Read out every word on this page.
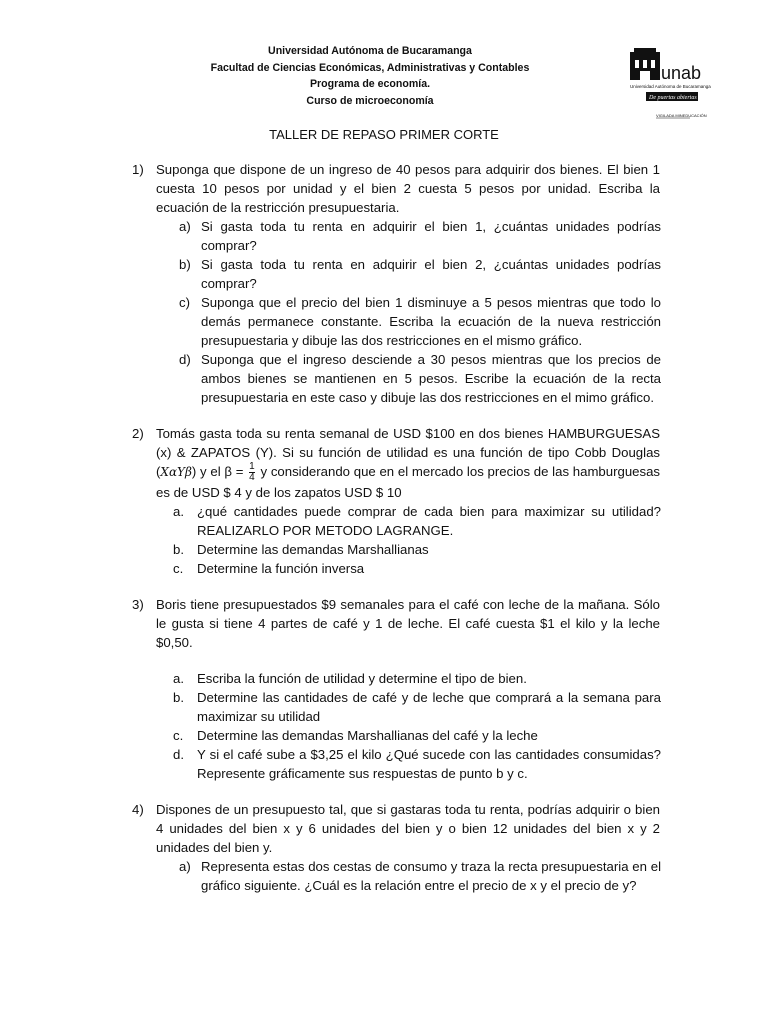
Universidad Autónoma de Bucaramanga
Facultad de Ciencias Económicas, Administrativas y Contables
Programa de economía.
Curso de microeconomía
unab
Universidad Autónoma de Bucaramanga
De puertas abiertas
VIGILADA MINEDUCACIÓN
TALLER DE REPASO PRIMER CORTE
1) Suponga que dispone de un ingreso de 40 pesos para adquirir dos bienes. El bien 1 cuesta 10 pesos por unidad y el bien 2 cuesta 5 pesos por unidad. Escriba la ecuación de la restricción presupuestaria.
a) Si gasta toda tu renta en adquirir el bien 1, ¿cuántas unidades podrías comprar?
b) Si gasta toda tu renta en adquirir el bien 2, ¿cuántas unidades podrías comprar?
c) Suponga que el precio del bien 1 disminuye a 5 pesos mientras que todo lo demás permanece constante. Escriba la ecuación de la nueva restricción presupuestaria y dibuje las dos restricciones en el mismo gráfico.
d) Suponga que el ingreso desciende a 30 pesos mientras que los precios de ambos bienes se mantienen en 5 pesos. Escribe la ecuación de la recta presupuestaria en este caso y dibuje las dos restricciones en el mimo gráfico.
2) Tomás gasta toda su renta semanal de USD $100 en dos bienes HAMBURGUESAS (x) & ZAPATOS (Y). Si su función de utilidad es una función de tipo Cobb Douglas (XαYβ) y el $\beta = \frac{1}{4}$ y considerando que en el mercado los precios de las hamburguesas es de USD $ 4 y de los zapatos USD $ 10
a. ¿qué cantidades puede comprar de cada bien para maximizar su utilidad? REALIZARLO POR METODO LAGRANGE.
b. Determine las demandas Marshallianas
c. Determine la función inversa
3) Boris tiene presupuestados $9 semanales para el café con leche de la mañana. Sólo le gusta si tiene 4 partes de café y 1 de leche. El café cuesta $1 el kilo y la leche $0,50.
a. Escriba la función de utilidad y determine el tipo de bien.
b. Determine las cantidades de café y de leche que comprará a la semana para maximizar su utilidad
c. Determine las demandas Marshallianas del café y la leche
d. Y si el café sube a $3,25 el kilo ¿Qué sucede con las cantidades consumidas? Represente gráficamente sus respuestas de punto b y c.
4) Dispones de un presupuesto tal, que si gastaras toda tu renta, podrías adquirir o bien 4 unidades del bien x y 6 unidades del bien y o bien 12 unidades del bien x y 2 unidades del bien y.
a) Representa estas dos cestas de consumo y traza la recta presupuestaria en el gráfico siguiente. ¿Cuál es la relación entre el precio de x y el precio de y?
